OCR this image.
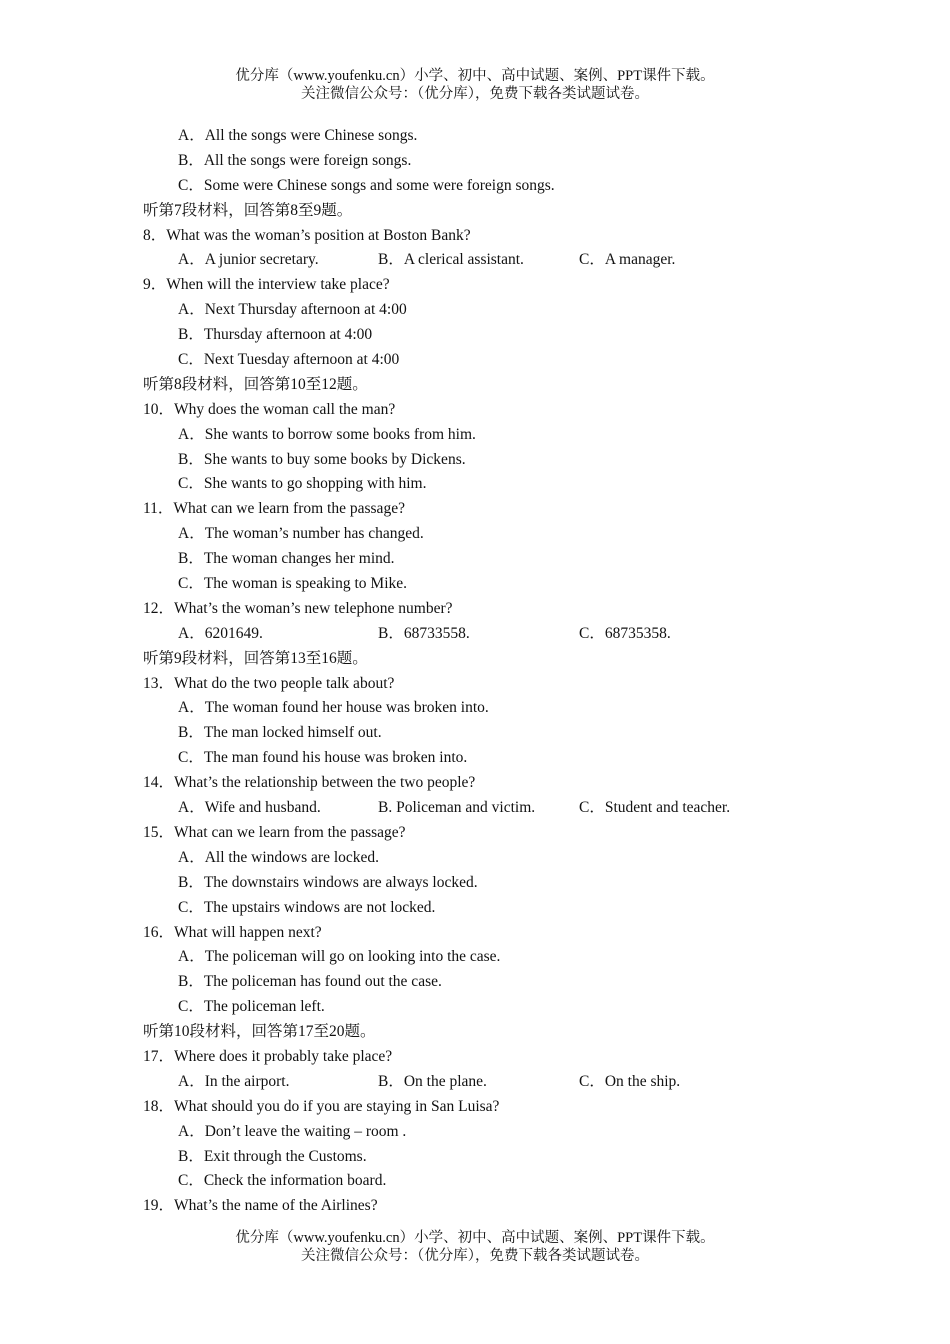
优分库（www.youfenku.cn）小学、初中、高中试题、案例、PPT课件下载。
关注微信公众号：（优分库），免费下载各类试题试卷。
A．All the songs were Chinese songs.
B．All the songs were foreign songs.
C．Some were Chinese songs and some were foreign songs.
听第7段材料，回答第8至9题。
8．What was the woman’s position at Boston Bank?
A．A junior secretary.	B．A clerical assistant.	C．A manager.
9．When will the interview take place?
A．Next Thursday afternoon at 4:00
B．Thursday afternoon at 4:00
C．Next Tuesday afternoon at 4:00
听第8段材料，回答第10至12题。
10．Why does the woman call the man?
A．She wants to borrow some books from him.
B．She wants to buy some books by Dickens.
C．She wants to go shopping with him.
11．What can we learn from the passage?
A．The woman’s number has changed.
B．The woman changes her mind.
C．The woman is speaking to Mike.
12．What’s the woman’s new telephone number?
A．6201649.	B．68733558.	C．68735358.
听第9段材料，回答第13至16题。
13．What do the two people talk about?
A．The woman found her house was broken into.
B．The man locked himself out.
C．The man found his house was broken into.
14．What’s the relationship between the two people?
A．Wife and husband.	B. Policeman and victim.	C．Student and teacher.
15．What can we learn from the passage?
A．All the windows are locked.
B．The downstairs windows are always locked.
C．The upstairs windows are not locked.
16．What will happen next?
A．The policeman will go on looking into the case.
B．The policeman has found out the case.
C．The policeman left.
听第10段材料，回答第17至20题。
17．Where does it probably take place?
A．In the airport.	B．On the plane.	C．On the ship.
18．What should you do if you are staying in San Luisa?
A．Don’t leave the waiting – room .
B．Exit through the Customs.
C．Check the information board.
19．What’s the name of the Airlines?
优分库（www.youfenku.cn）小学、初中、高中试题、案例、PPT课件下载。
关注微信公众号：（优分库），免费下载各类试题试卷。
